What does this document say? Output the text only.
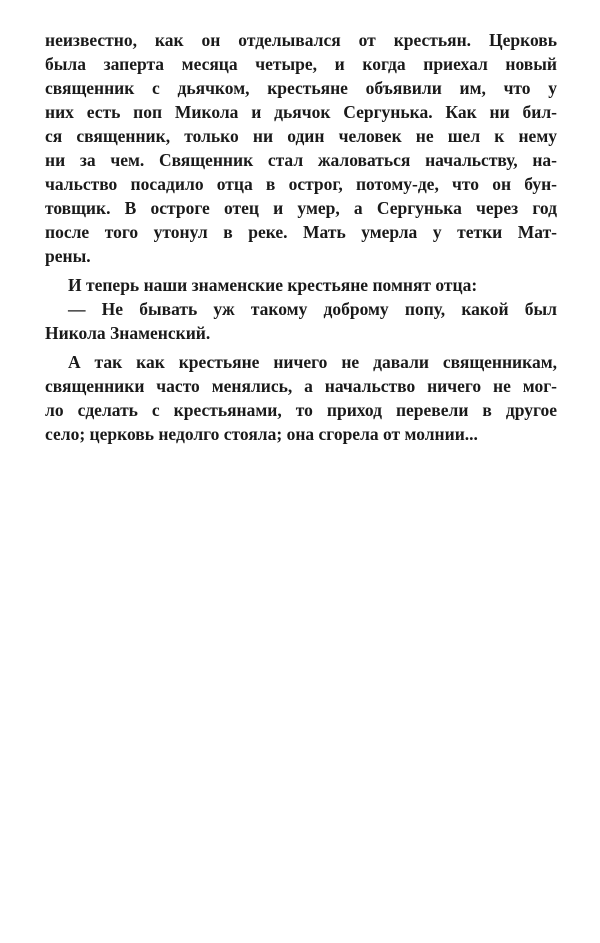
неизвестно, как он отделывался от крестьян. Церковь
была заперта месяца четыре, и когда приехал новый
священник с дьячком, крестьяне объявили им, что у
них есть поп Микола и дьячок Сергунька. Как ни бил-
ся священник, только ни один человек не шел к нему
ни за чем. Священник стал жаловаться начальству, на-
чальство посадило отца в острог, потому-де, что он бун-
товщик. В остроге отец и умер, а Сергунька через год
после того утонул в реке. Мать умерла у тетки Мат-
рены.
И теперь наши знаменские крестьяне помнят отца:
— Не бывать уж такому доброму попу, какой был
Никола Знаменский.
А так как крестьяне ничего не давали священникам,
священники часто менялись, а начальство ничего не мог-
ло сделать с крестьянами, то приход перевели в другое
село; церковь недолго стояла; она сгорела от молнии...
